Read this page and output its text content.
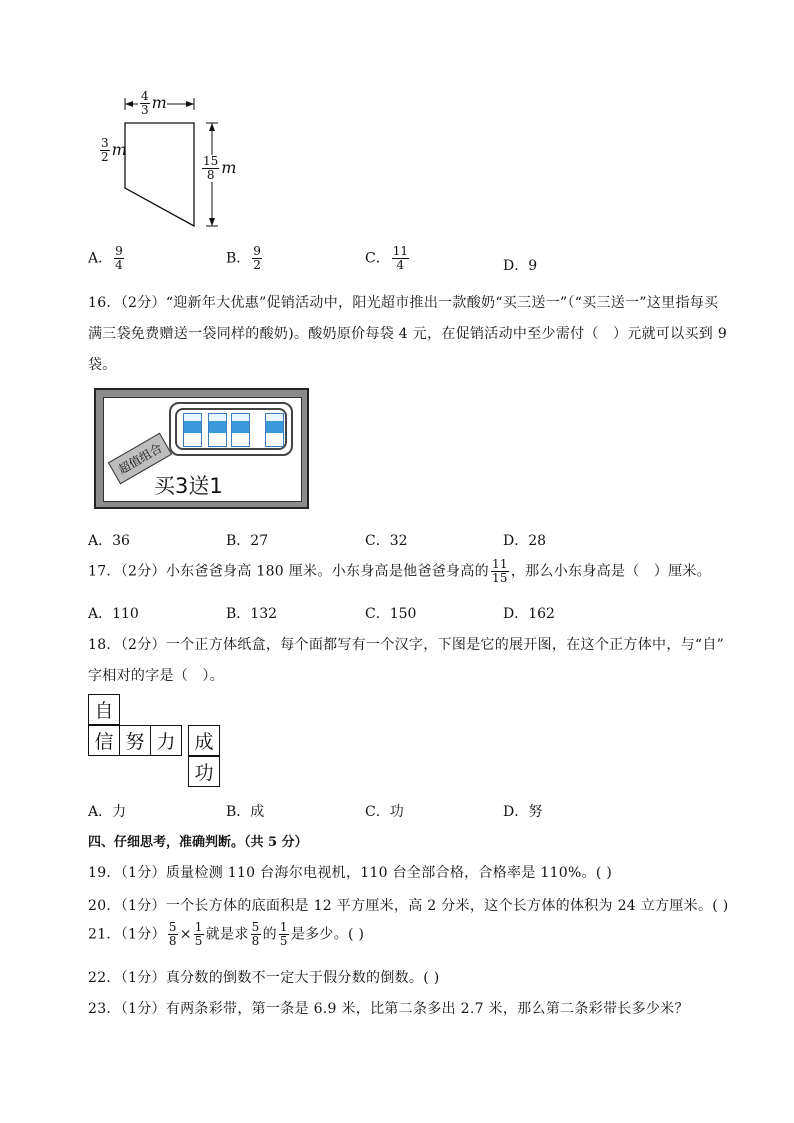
$\frac{4}{3}$ m
$\frac{3}{2}$ m
$\frac{15}{8}$ m
A． $\frac{9}{4}$	B． $\frac{9}{2}$	C． $\frac{11}{4}$	D．9
16．（2分）“迎新年大优惠”促销活动中，阳光超市推出一款酸奶“买三送一”（“买三送一”这里指每买
满三袋免费赠送一袋同样的酸奶)。酸奶原价每袋 4 元，在促销活动中至少需付（　）元就可以买到 9
袋。
超值组合
买3送1
A．36	B．27	C．32	D．28
17．（2分）小东爸爸身高 180 厘米。小东身高是他爸爸身高的 $\frac{11}{15}$ ，那么小东身高是（　）厘米。
A．110	B．132	C．150	D．162
18．（2分）一个正方体纸盒，每个面都写有一个汉字，下图是它的展开图，在这个正方体中，与“自”
字相对的字是（　）。
自
信 努 力 成
功
A．力	B．成	C．功	D．努
四、仔细思考，准确判断。（共 5 分）
19．（1分）质量检测 110 台海尔电视机，110 台全部合格，合格率是 110%。( )
20．（1分）一个长方体的底面积是 12 平方厘米，高 2 分米，这个长方体的体积为 24 立方厘米。( )
21．（1分） $\frac{5}{8} \times \frac{1}{5}$ 就是求 $\frac{5}{8}$ 的 $\frac{1}{5}$ 是多少。( )
22．（1分）真分数的倒数不一定大于假分数的倒数。( )
23．（1分）有两条彩带，第一条是 6.9 米，比第二条多出 2.7 米，那么第二条彩带长多少米？
